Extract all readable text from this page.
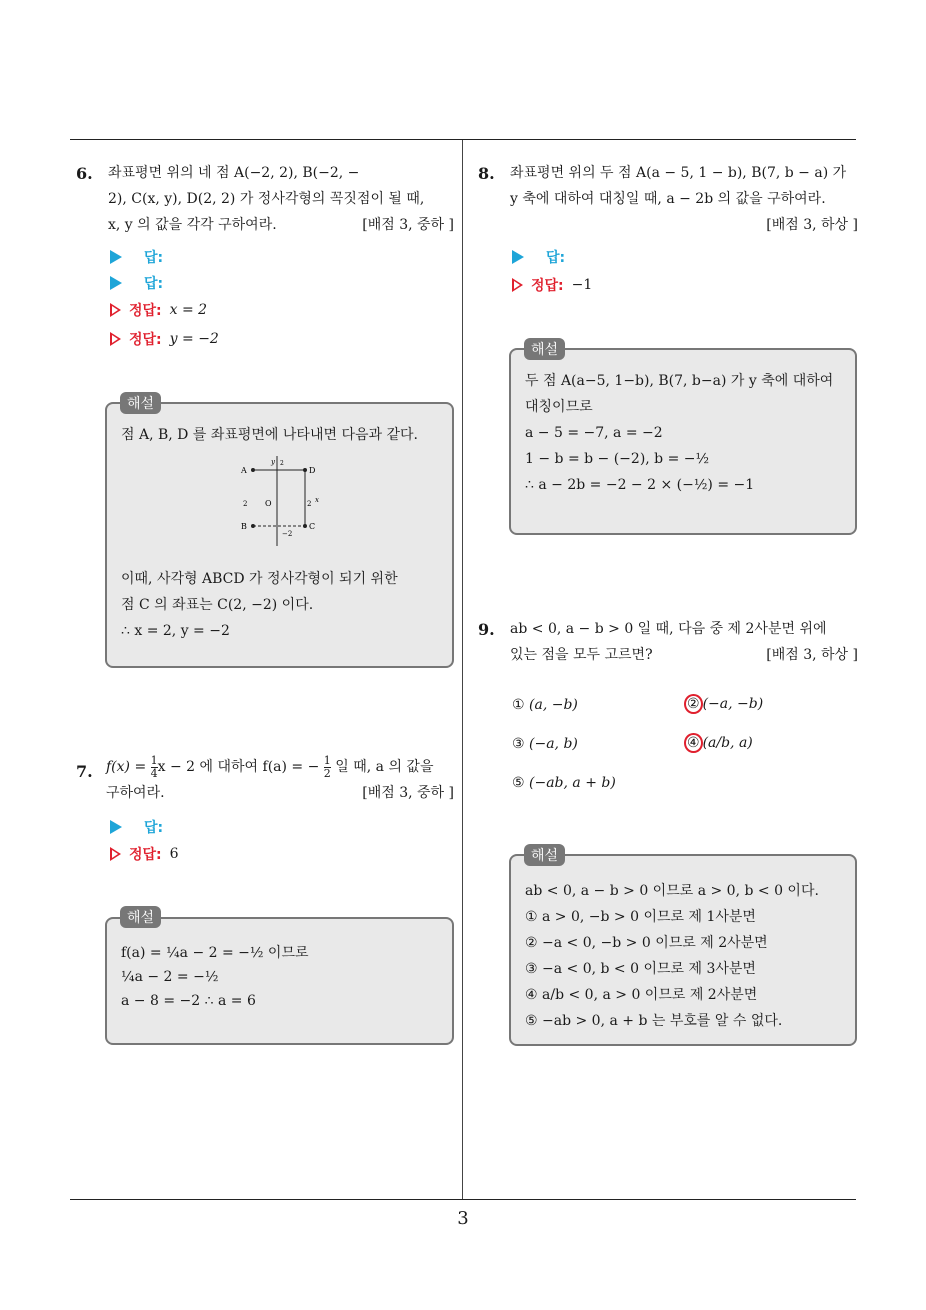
3
6. 좌표평면 위의 네 점 A(−2, 2), B(−2, −
2), C(x, y), D(2, 2) 가 정사각형의 꼭짓점이 될 때,
x, y 의 값을 각각 구하여라.	[배점 3, 중하 ]
답:
답:
정답: x = 2
정답: y = −2
점 A, B, D 를 좌표평면에 나타내면 다음과 같다.
A
B	C
D
O
y
x
2
2	2
−2
이때, 사각형 ABCD 가 정사각형이 되기 위한
점 C 의 좌표는 C(2, −2) 이다.
∴ x = 2, y = −2
해설
7. $f(x) = \frac{1}{4}$ x − 2 에 대하여 f(a) = − $\frac{1}{2}$ 일 때, a 의 값을
구하여라.	[배점 3, 중하 ]
답:
정답: 6
f(a) = ¼a − 2 = −½ 이므로
¼a − 2 = −½
a − 8 = −2 ∴ a = 6
해설
8. 좌표평면 위의 두 점 A(a − 5, 1 − b), B(7, b − a) 가
y 축에 대하여 대칭일 때, a − 2b 의 값을 구하여라.
[배점 3, 하상 ]
답:
정답: −1
두 점 A(a−5, 1−b), B(7, b−a) 가 y 축에 대하여
대칭이므로
a − 5 = −7, a = −2
1 − b = b − (−2), b = −½
∴ a − 2b = −2 − 2 × (−½) = −1
해설
9. ab < 0, a − b > 0 일 때, 다음 중 제 2사분면 위에
있는 점을 모두 고르면?	[배점 3, 하상 ]
① (a, −b)	② (−a, −b)
③ (−a, b)	④ (a/b, a)
⑤ (−ab, a + b)
ab < 0, a − b > 0 이므로 a > 0, b < 0 이다.
① a > 0, −b > 0 이므로 제 1사분면
② −a < 0, −b > 0 이므로 제 2사분면
③ −a < 0, b < 0 이므로 제 3사분면
④ a/b < 0, a > 0 이므로 제 2사분면
⑤ −ab > 0, a + b 는 부호를 알 수 없다.
해설
